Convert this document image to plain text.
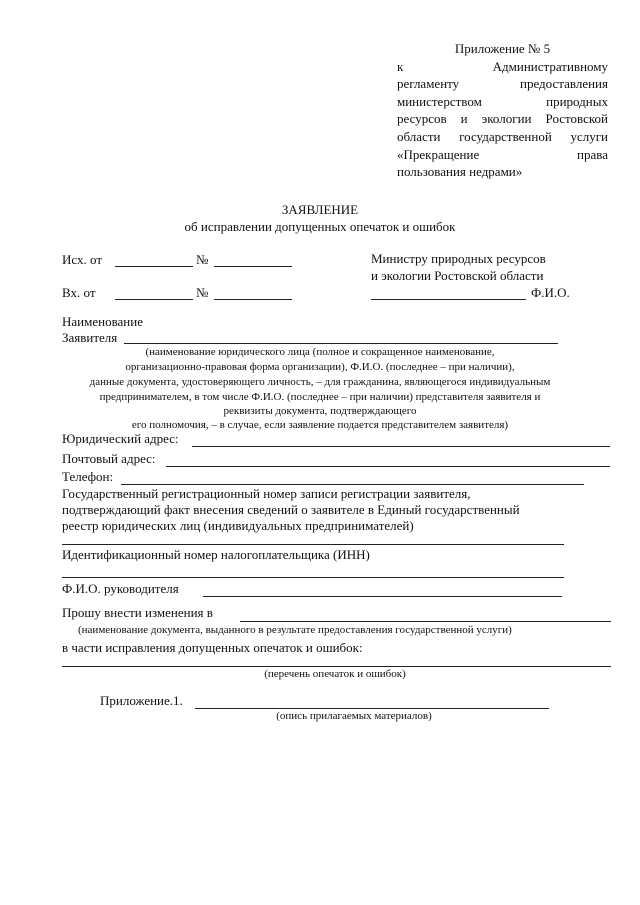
Приложение № 5
к Административному
регламенту предоставления
министерством природных
ресурсов и экологии Ростовской
области государственной услуги
«Прекращение права
пользования недрами»
ЗАЯВЛЕНИЕ
об исправлении допущенных опечаток и ошибок
Исх. от	№
Вх. от	№
Министру природных ресурсов
и экологии Ростовской области
Ф.И.О.
Наименование
Заявителя
(наименование юридического лица (полное и сокращенное наименование,
организационно-правовая форма организации), Ф.И.О. (последнее – при наличии),
данные документа, удостоверяющего личность, – для гражданина, являющегося индивидуальным
предпринимателем, в том числе Ф.И.О. (последнее – при наличии) представителя заявителя и
реквизиты документа, подтверждающего
его полномочия, – в случае, если заявление подается представителем заявителя)
Юридический адрес:
Почтовый адрес:
Телефон:
Государственный регистрационный номер записи регистрации заявителя,
подтверждающий факт внесения сведений о заявителе в Единый государственный
реестр юридических лиц (индивидуальных предпринимателей)
Идентификационный номер налогоплательщика (ИНН)
Ф.И.О. руководителя
Прошу внести изменения в
(наименование документа, выданного в результате предоставления государственной услуги)
в части исправления допущенных опечаток и ошибок:
(перечень опечаток и ошибок)
Приложение.1.
(опись прилагаемых материалов)
